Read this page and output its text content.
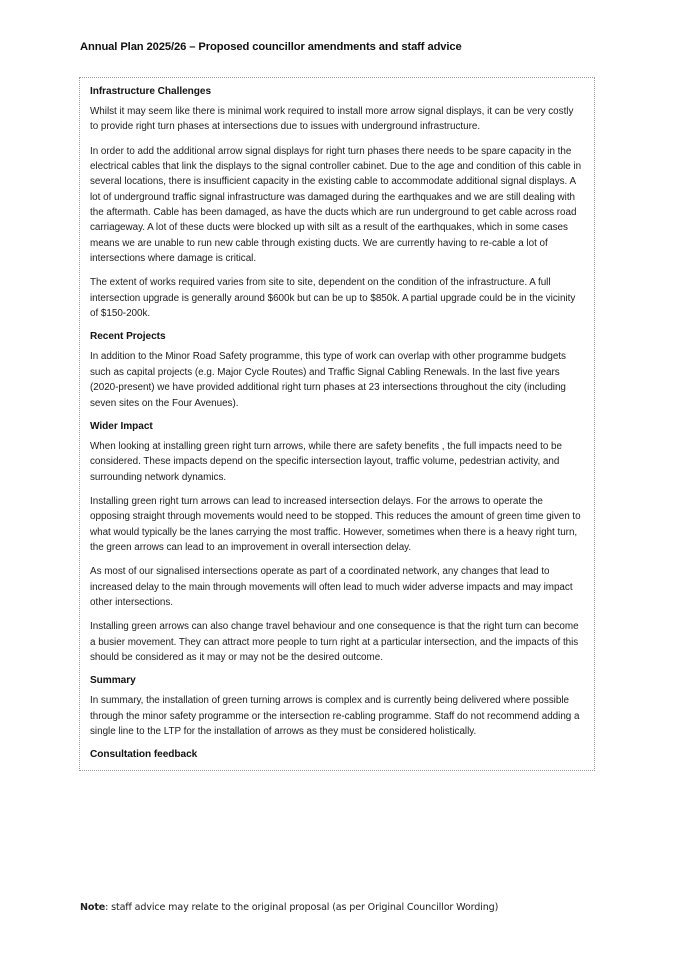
Annual Plan 2025/26 – Proposed councillor amendments and staff advice
Infrastructure Challenges

Whilst it may seem like there is minimal work required to install more arrow signal displays, it can be very costly to provide right turn phases at intersections due to issues with underground infrastructure.

In order to add the additional arrow signal displays for right turn phases there needs to be spare capacity in the electrical cables that link the displays to the signal controller cabinet. Due to the age and condition of this cable in several locations, there is insufficient capacity in the existing cable to accommodate additional signal displays. A lot of underground traffic signal infrastructure was damaged during the earthquakes and we are still dealing with the aftermath. Cable has been damaged, as have the ducts which are run underground to get cable across road carriageway. A lot of these ducts were blocked up with silt as a result of the earthquakes, which in some cases means we are unable to run new cable through existing ducts. We are currently having to re-cable a lot of intersections where damage is critical.

The extent of works required varies from site to site, dependent on the condition of the infrastructure. A full intersection upgrade is generally around $600k but can be up to $850k. A partial upgrade could be in the vicinity of $150-200k.

Recent Projects

In addition to the Minor Road Safety programme, this type of work can overlap with other programme budgets such as capital projects (e.g. Major Cycle Routes) and Traffic Signal Cabling Renewals. In the last five years (2020-present) we have provided additional right turn phases at 23 intersections throughout the city (including seven sites on the Four Avenues).

Wider Impact

When looking at installing green right turn arrows, while there are safety benefits , the full impacts need to be considered. These impacts depend on the specific intersection layout, traffic volume, pedestrian activity, and surrounding network dynamics.

Installing green right turn arrows can lead to increased intersection delays. For the arrows to operate the opposing straight through movements would need to be stopped. This reduces the amount of green time given to what would typically be the lanes carrying the most traffic. However, sometimes when there is a heavy right turn, the green arrows can lead to an improvement in overall intersection delay.

As most of our signalised intersections operate as part of a coordinated network, any changes that lead to increased delay to the main through movements will often lead to much wider adverse impacts and may impact other intersections.

Installing green arrows can also change travel behaviour and one consequence is that the right turn can become a busier movement. They can attract more people to turn right at a particular intersection, and the impacts of this should be considered as it may or may not be the desired outcome.

Summary

In summary, the installation of green turning arrows is complex and is currently being delivered where possible through the minor safety programme or the intersection re-cabling programme. Staff do not recommend adding a single line to the LTP for the installation of arrows as they must be considered holistically.

Consultation feedback
Note: staff advice may relate to the original proposal (as per Original Councillor Wording)
